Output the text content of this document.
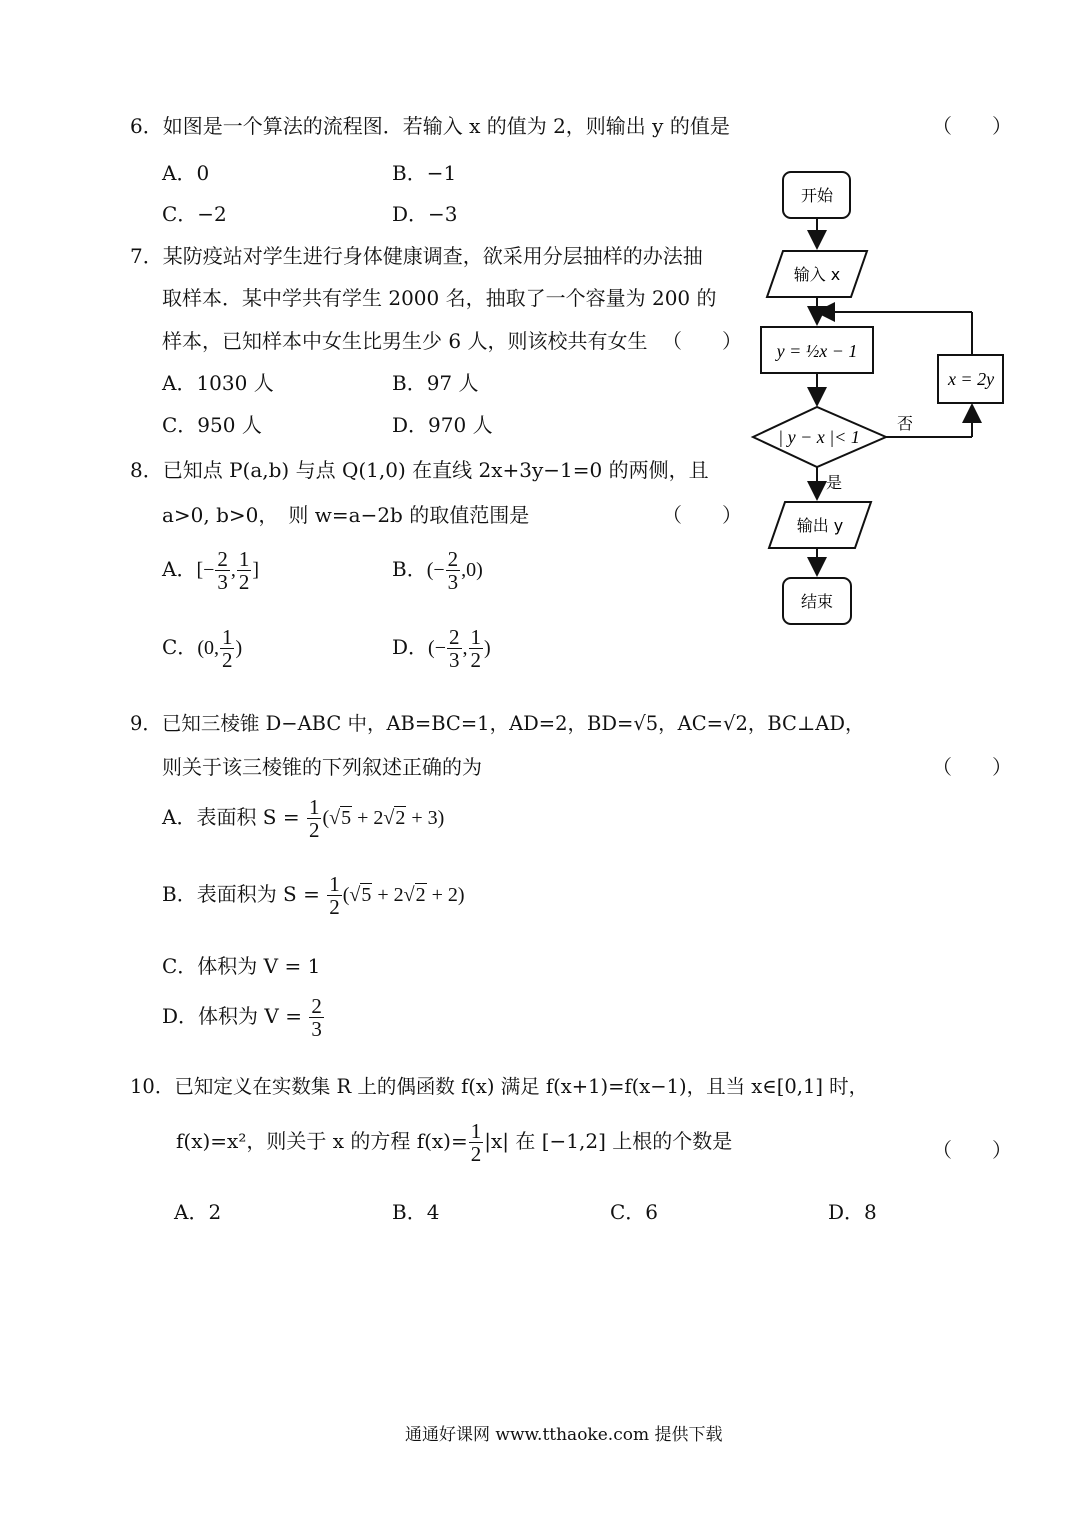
6．如图是一个算法的流程图．若输入 x 的值为 2，则输出 y 的值是	（　　）
A．0	B．−1
C．−2	D．−3
7．某防疫站对学生进行身体健康调查，欲采用分层抽样的办法抽
取样本．某中学共有学生 2000 名，抽取了一个容量为 200 的
样本，已知样本中女生比男生少 6 人，则该校共有女生 （　　）
A．1030 人	B．97 人
C．950 人	D．970 人
8．已知点 P(a,b) 与点 Q(1,0) 在直线 2x+3y−1=0 的两侧，且
a>0, b>0，　则 w=a−2b 的取值范围是	（　　）
A．[− $\frac{2}{3}$ , $\frac{1}{2}$ ]	B．(− $\frac{2}{3} ,0$)
C．(0, $\frac{1}{2}$ )	D．(− $\frac{2}{3}$ , $\frac{1}{2}$ )
9．已知三棱锥 D−ABC 中，AB=BC=1，AD=2，BD=√5，AC=√2，BC⊥AD，
则关于该三棱锥的下列叙述正确的为	（　　）
A．表面积 $S = \frac{1}{2} (√5 + 2√2 + 3)$
B．表面积为 $S = \frac{1}{2} (√5 + 2√2 + 2)$
C．体积为 V = 1
D．体积为 $V = \frac{2}{3}$
10．已知定义在实数集 R 上的偶函数 f(x) 满足 f(x+1)=f(x−1)，且当 x∈[0,1] 时，
f(x)=x²，则关于 x 的方程 $f(x)= \frac{1}{2} |x|$ 在 [−1,2] 上根的个数是	（　　）
A．2	B．4	C．6	D．8
开始
输入 x
y = ½x − 1
| y − x |< 1
x = 2y
否
是
输出 y
结束
通通好课网 www.tthaoke.com 提供下载
